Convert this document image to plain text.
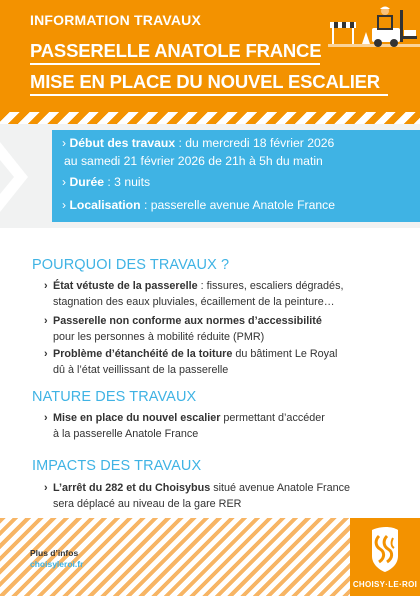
INFORMATION TRAVAUX
PASSERELLE ANATOLE FRANCE
MISE EN PLACE DU NOUVEL ESCALIER
› Début des travaux : du mercredi 18 février 2026
au samedi 21 février 2026 de 21h à 5h du matin
› Durée : 3 nuits
› Localisation : passerelle avenue Anatole France
POURQUOI DES TRAVAUX ?
› État vétuste de la passerelle : fissures, escaliers dégradés,
stagnation des eaux pluviales, écaillement de la peinture…
› Passerelle non conforme aux normes d’accessibilité
pour les personnes à mobilité réduite (PMR)
› Problème d’étanchéité de la toiture du bâtiment Le Royal
dû à l’état veillissant de la passerelle
NATURE DES TRAVAUX
› Mise en place du nouvel escalier permettant d’accéder
à la passerelle Anatole France
IMPACTS DES TRAVAUX
› L’arrêt du 282 et du Choisybus situé avenue Anatole France
sera déplacé au niveau de la gare RER
Plus d’infos
choisyleroi.fr
CHOISY·LE·ROI
